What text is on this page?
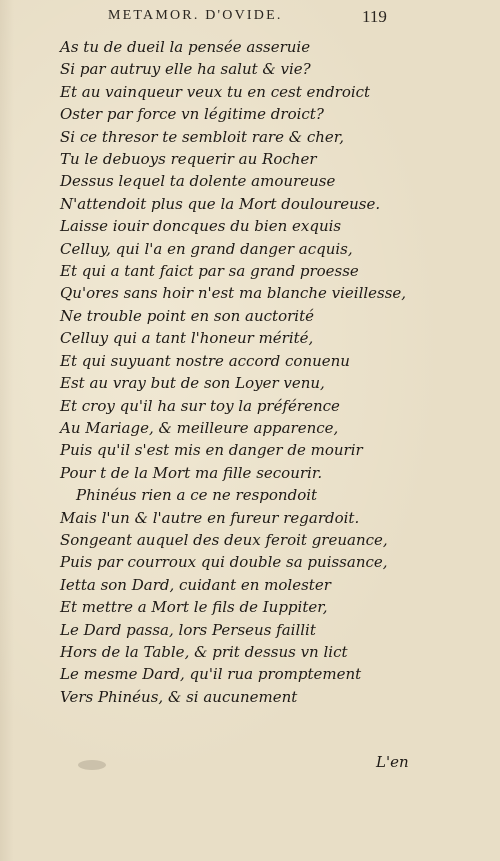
METAMOR. D'OVIDE.	119
As tu de dueil la pensée asseruie
Si par autruy elle ha salut & vie?
Et au vainqueur veux tu en cest endroict
Oster par force vn légitime droict?
Si ce thresor te sembloit rare & cher,
Tu le debuoys requerir au Rocher
Dessus lequel ta dolente amoureuse
N'attendoit plus que la Mort douloureuse.
Laisse iouir doncques du bien exquis
Celluy, qui l'a en grand danger acquis,
Et qui a tant faict par sa grand proesse
Qu'ores sans hoir n'est ma blanche vieillesse,
Ne trouble point en son auctorité
Celluy qui a tant l'honeur mérité,
Et qui suyuant nostre accord conuenu
Est au vray but de son Loyer venu,
Et croy qu'il ha sur toy la préférence
Au Mariage, & meilleure apparence,
Puis qu'il s'est mis en danger de mourir
Pour t de la Mort ma fille secourir.
Phinéus rien a ce ne respondoit
Mais l'un & l'autre en fureur regardoit.
Songeant auquel des deux feroit greuance,
Puis par courroux qui double sa puissance,
Ietta son Dard, cuidant en molester
Et mettre a Mort le fils de Iuppiter,
Le Dard passa, lors Perseus faillit
Hors de la Table, & prit dessus vn lict
Le mesme Dard, qu'il rua promptement
Vers Phinéus, & si aucunement
L'en
